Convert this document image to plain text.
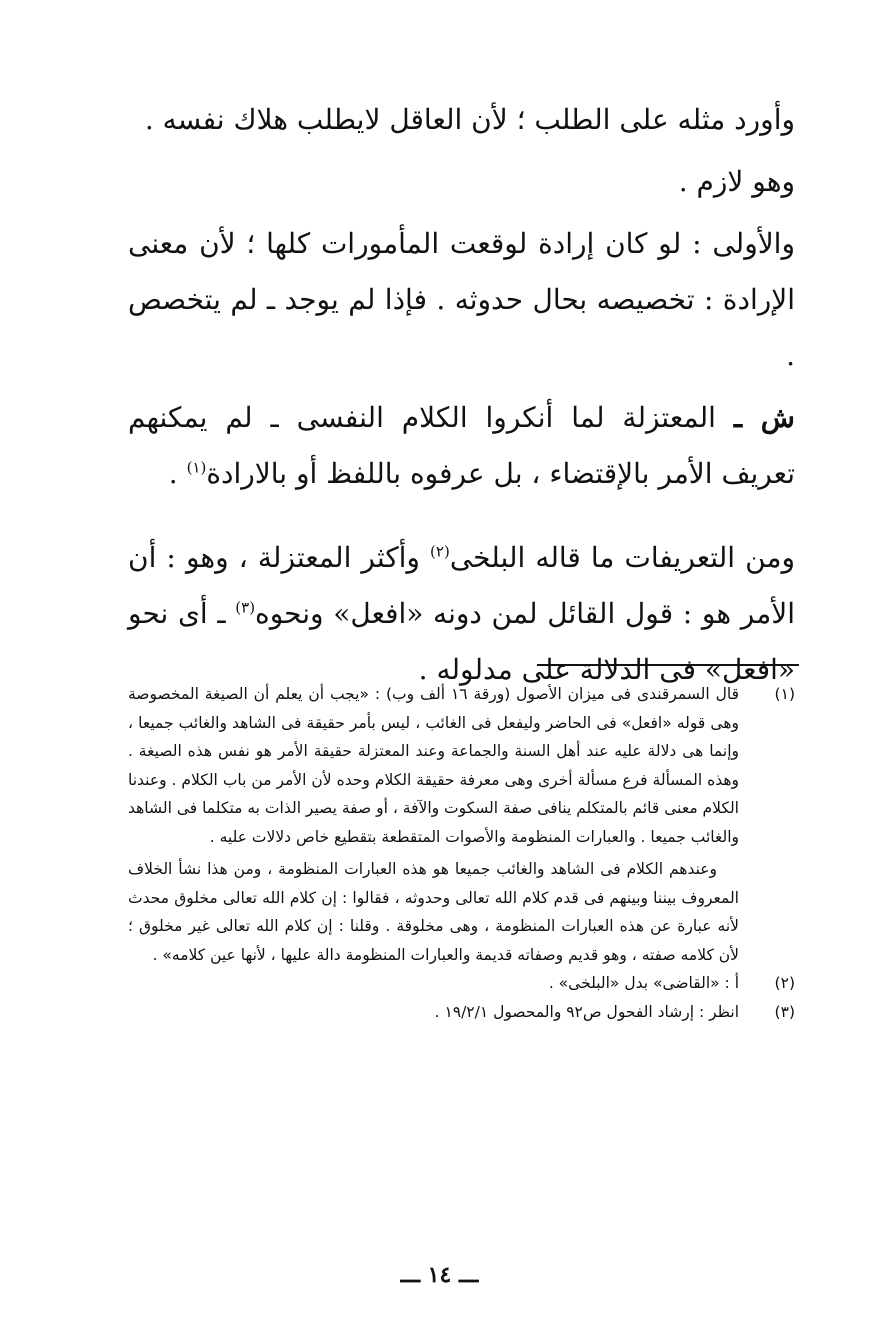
وأورد مثله على الطلب ؛ لأن العاقل لايطلب هلاك نفسه .

وهو لازم .

والأولى : لو كان إرادة لوقعت المأمورات كلها ؛ لأن معنى الإرادة : تخصيصه بحال حدوثه . فإذا لم يوجد ـ لم يتخصص .

ش ـ المعتزلة لما أنكروا الكلام النفسى ـ لم يمكنهم تعريف الأمر بالإقتضاء ، بل عرفوه باللفظ أو بالارادة$^{(١)}$ .

ومن التعريفات ما قاله البلخى$^{(٢)}$ وأكثر المعتزلة ، وهو : أن الأمر هو : قول القائل لمن دونه «افعل» ونحوه$^{(٣)}$ ـ أى نحو «افعل» فى الدلالة على مدلوله .

(١)

قال السمرقندى فى ميزان الأصول (ورقة ١٦ ألف وب) : «يجب أن يعلم أن الصيغة المخصوصة وهى قوله «افعل» فى الحاضر وليفعل فى الغائب ، ليس بأمر حقيقة فى الشاهد والغائب جميعا ، وإنما هى دلالة عليه عند أهل السنة والجماعة وعند المعتزلة حقيقة الأمر هو نفس هذه الصيغة . وهذه المسألة فرع مسألة أخرى وهى معرفة حقيقة الكلام وحده لأن الأمر من باب الكلام . وعندنا الكلام معنى قائم بالمتكلم ينافى صفة السكوت والآفة ، أو صفة يصير الذات به متكلما فى الشاهد والغائب جميعا . والعبارات المنظومة والأصوات المتقطعة بتقطيع خاص دلالات عليه .

وعندهم الكلام فى الشاهد والغائب جميعا هو هذه العبارات المنظومة ، ومن هذا نشأ الخلاف المعروف بيننا وبينهم فى قدم كلام الله تعالى وحدوثه ، فقالوا : إن كلام الله تعالى مخلوق محدث لأنه عبارة عن هذه العبارات المنظومة ، وهى مخلوقة . وقلنا : إن كلام الله تعالى غير مخلوق ؛ لأن كلامه صفته ، وهو قديم وصفاته قديمة والعبارات المنظومة دالة عليها ، لأنها عين كلامه» .

(٢)

أ : «القاضى» بدل «البلخى» .

(٣)

انظر : إرشاد الفحول ص٩٢ والمحصول ١٩/٢/١ .

ـــ ١٤ ـــ
